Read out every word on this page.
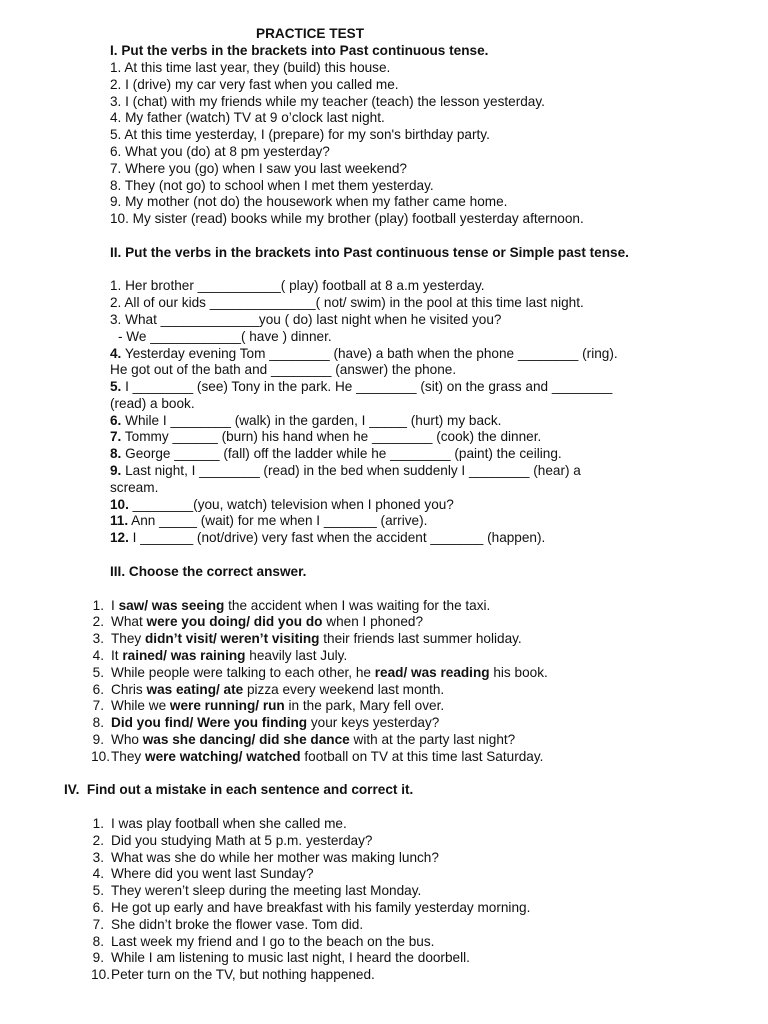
PRACTICE TEST
I. Put the verbs in the brackets into Past continuous tense.
1. At this time last year, they (build) this house.
2. I (drive) my car very fast when you called me.
3. I (chat) with my friends while my teacher (teach) the lesson yesterday.
4. My father (watch) TV at 9 o’clock last night.
5. At this time yesterday, I (prepare) for my son's birthday party.
6. What you (do) at 8 pm yesterday?
7. Where you (go) when I saw you last weekend?
8. They (not go) to school when I met them yesterday.
9. My mother (not do) the housework when my father came home.
10. My sister (read) books while my brother (play) football yesterday afternoon.
II. Put the verbs in the brackets into Past continuous tense or Simple past tense.
1. Her brother ___________( play) football at 8 a.m yesterday.
2. All of our kids ______________( not/ swim) in the pool at this time last night.
3. What _____________you ( do) last night when he visited you?
- We ____________( have ) dinner.
4. Yesterday evening Tom ________ (have) a bath when the phone ________ (ring).
He got out of the bath and ________ (answer) the phone.
5. I ________ (see) Tony in the park. He ________ (sit) on the grass and ________
(read) a book.
6. While I ________ (walk) in the garden, I _____ (hurt) my back.
7. Tommy ______ (burn) his hand when he ________ (cook) the dinner.
8. George ______ (fall) off the ladder while he ________ (paint) the ceiling.
9. Last night, I ________ (read) in the bed when suddenly I ________ (hear) a
scream.
10. ________(you, watch) television when I phoned you?
11. Ann _____ (wait) for me when I _______ (arrive).
12. I _______ (not/drive) very fast when the accident _______ (happen).
III. Choose the correct answer.
1. I saw/ was seeing the accident when I was waiting for the taxi.
2. What were you doing/ did you do when I phoned?
3. They didn’t visit/ weren’t visiting their friends last summer holiday.
4. It rained/ was raining heavily last July.
5. While people were talking to each other, he read/ was reading his book.
6. Chris was eating/ ate pizza every weekend last month.
7. While we were running/ run in the park, Mary fell over.
8. Did you find/ Were you finding your keys yesterday?
9. Who was she dancing/ did she dance with at the party last night?
10. They were watching/ watched football on TV at this time last Saturday.
IV.  Find out a mistake in each sentence and correct it.
1. I was play football when she called me.
2. Did you studying Math at 5 p.m. yesterday?
3. What was she do while her mother was making lunch?
4. Where did you went last Sunday?
5. They weren’t sleep during the meeting last Monday.
6. He got up early and have breakfast with his family yesterday morning.
7. She didn’t broke the flower vase. Tom did.
8. Last week my friend and I go to the beach on the bus.
9. While I am listening to music last night, I heard the doorbell.
10. Peter turn on the TV, but nothing happened.
